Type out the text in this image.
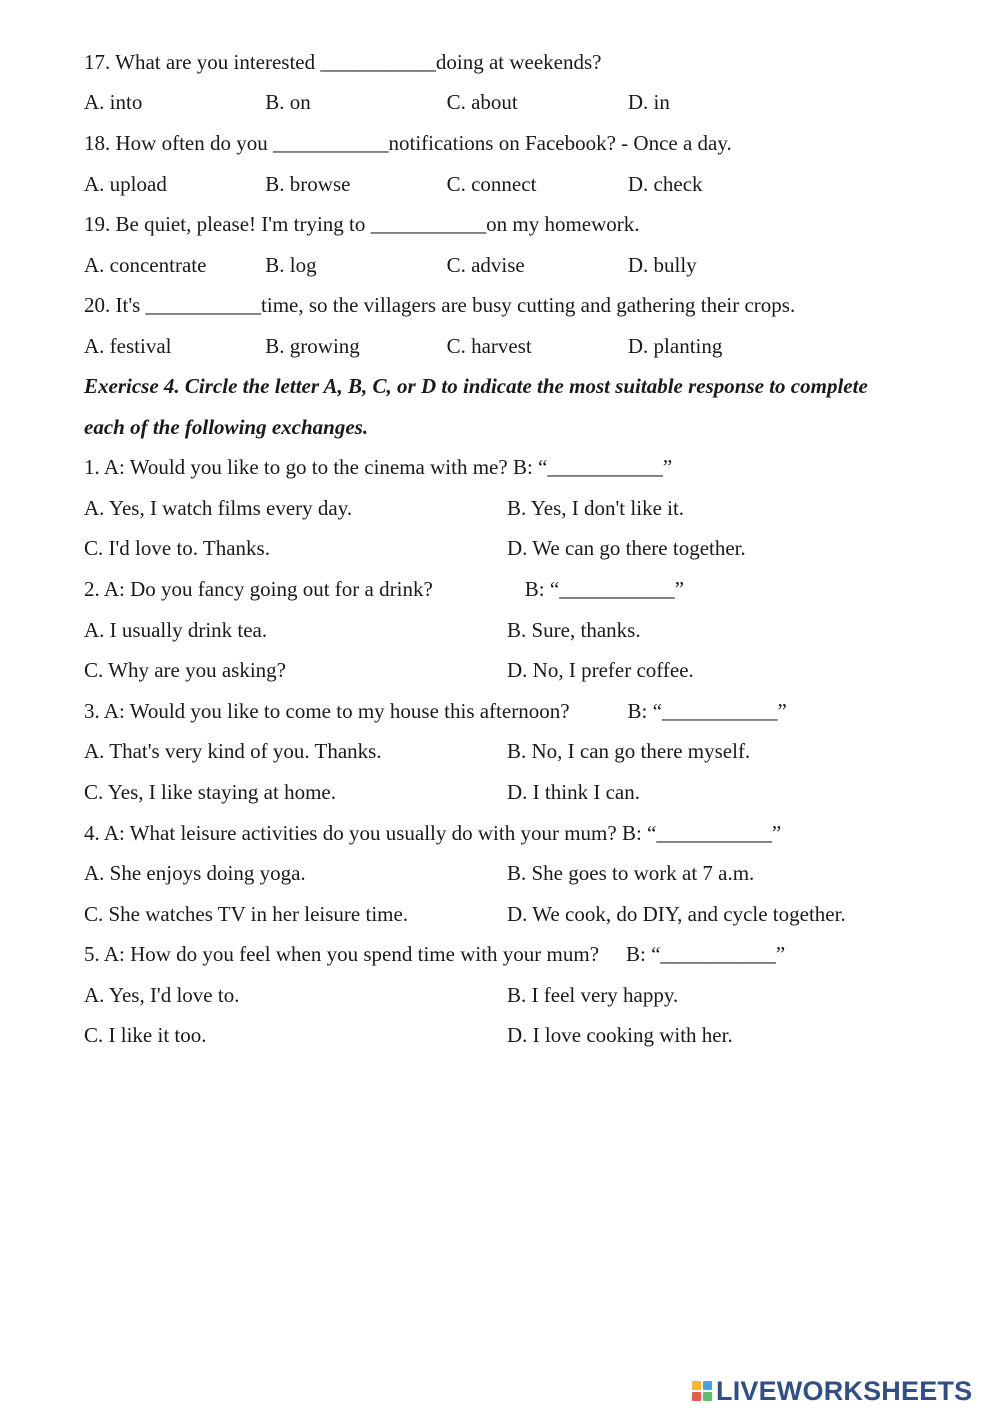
17. What are you interested ___________doing at weekends?
A. into	B. on	C. about	D. in
18. How often do you ___________notifications on Facebook? - Once a day.
A. upload	B. browse	C. connect	D. check
19. Be quiet, please! I'm trying to ___________on my homework.
A. concentrate	B. log	C. advise	D. bully
20. It's ___________time, so the villagers are busy cutting and gathering their crops.
A. festival	B. growing	C. harvest	D. planting
Exericse 4. Circle the letter A, B, C, or D to indicate the most suitable response to complete
each of the following exchanges.
1. A: Would you like to go to the cinema with me? B: “___________”
A. Yes, I watch films every day.	B. Yes, I don't like it.
C. I'd love to. Thanks.	D. We can go there together.
2. A: Do you fancy going out for a drink?	B: “___________”
A. I usually drink tea.	B. Sure, thanks.
C. Why are you asking?	D. No, I prefer coffee.
3. A: Would you like to come to my house this afternoon?	B: “___________”
A. That's very kind of you. Thanks.	B. No, I can go there myself.
C. Yes, I like staying at home.	D. I think I can.
4. A: What leisure activities do you usually do with your mum? B: “___________”
A. She enjoys doing yoga.	B. She goes to work at 7 a.m.
C. She watches TV in her leisure time.	D. We cook, do DIY, and cycle together.
5. A: How do you feel when you spend time with your mum? B: “___________”
A. Yes, I'd love to.	B. I feel very happy.
C. I like it too.	D. I love cooking with her.
LIVEWORKSHEETS
